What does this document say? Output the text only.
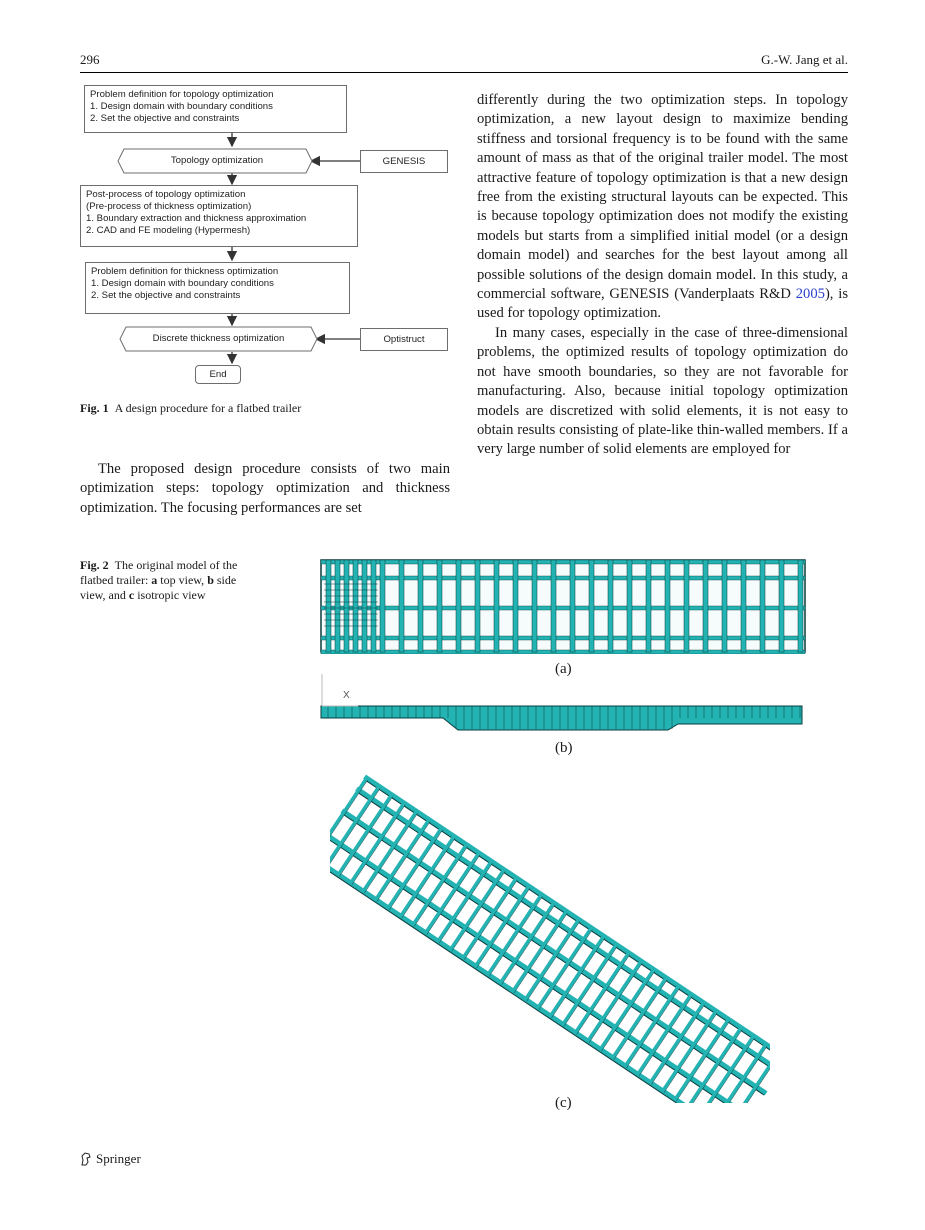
296	G.-W. Jang et al.
Problem definition for topology optimization
1. Design domain with boundary conditions
2. Set the objective and constraints
Topology optimization	GENESIS
Post-process of topology optimization
(Pre-process of thickness optimization)
1. Boundary extraction and thickness approximation
2. CAD and FE modeling (Hypermesh)
Problem definition for thickness optimization
1. Design domain with boundary conditions
2. Set the objective and constraints
Discrete thickness optimization	Optistruct
End
Fig. 1 A design procedure for a flatbed trailer

The proposed design procedure consists of two main optimization steps: topology optimization and thickness optimization. The focusing performances are set

differently during the two optimization steps. In topology optimization, a new layout design to maximize bending stiffness and torsional frequency is to be found with the same amount of mass as that of the original trailer model. The most attractive feature of topology optimization is that a new design free from the existing structural layouts can be expected. This is because topology optimization does not modify the existing models but starts from a simplified initial model (or a design domain model) and searches for the best layout among all possible solutions of the design domain model. In this study, a commercial software, GENESIS (Vanderplaats R&D 2005), is used for topology optimization.

In many cases, especially in the case of three-dimensional problems, the optimized results of topology optimization do not have smooth boundaries, so they are not favorable for manufacturing. Also, because initial topology optimization models are discretized with solid elements, it is not easy to obtain results consisting of plate-like thin-walled members. If a very large number of solid elements are employed for

Fig. 2 The original model of the flatbed trailer: a top view, b side view, and c isotropic view
(a)
X
(b)
(c)
Springer
